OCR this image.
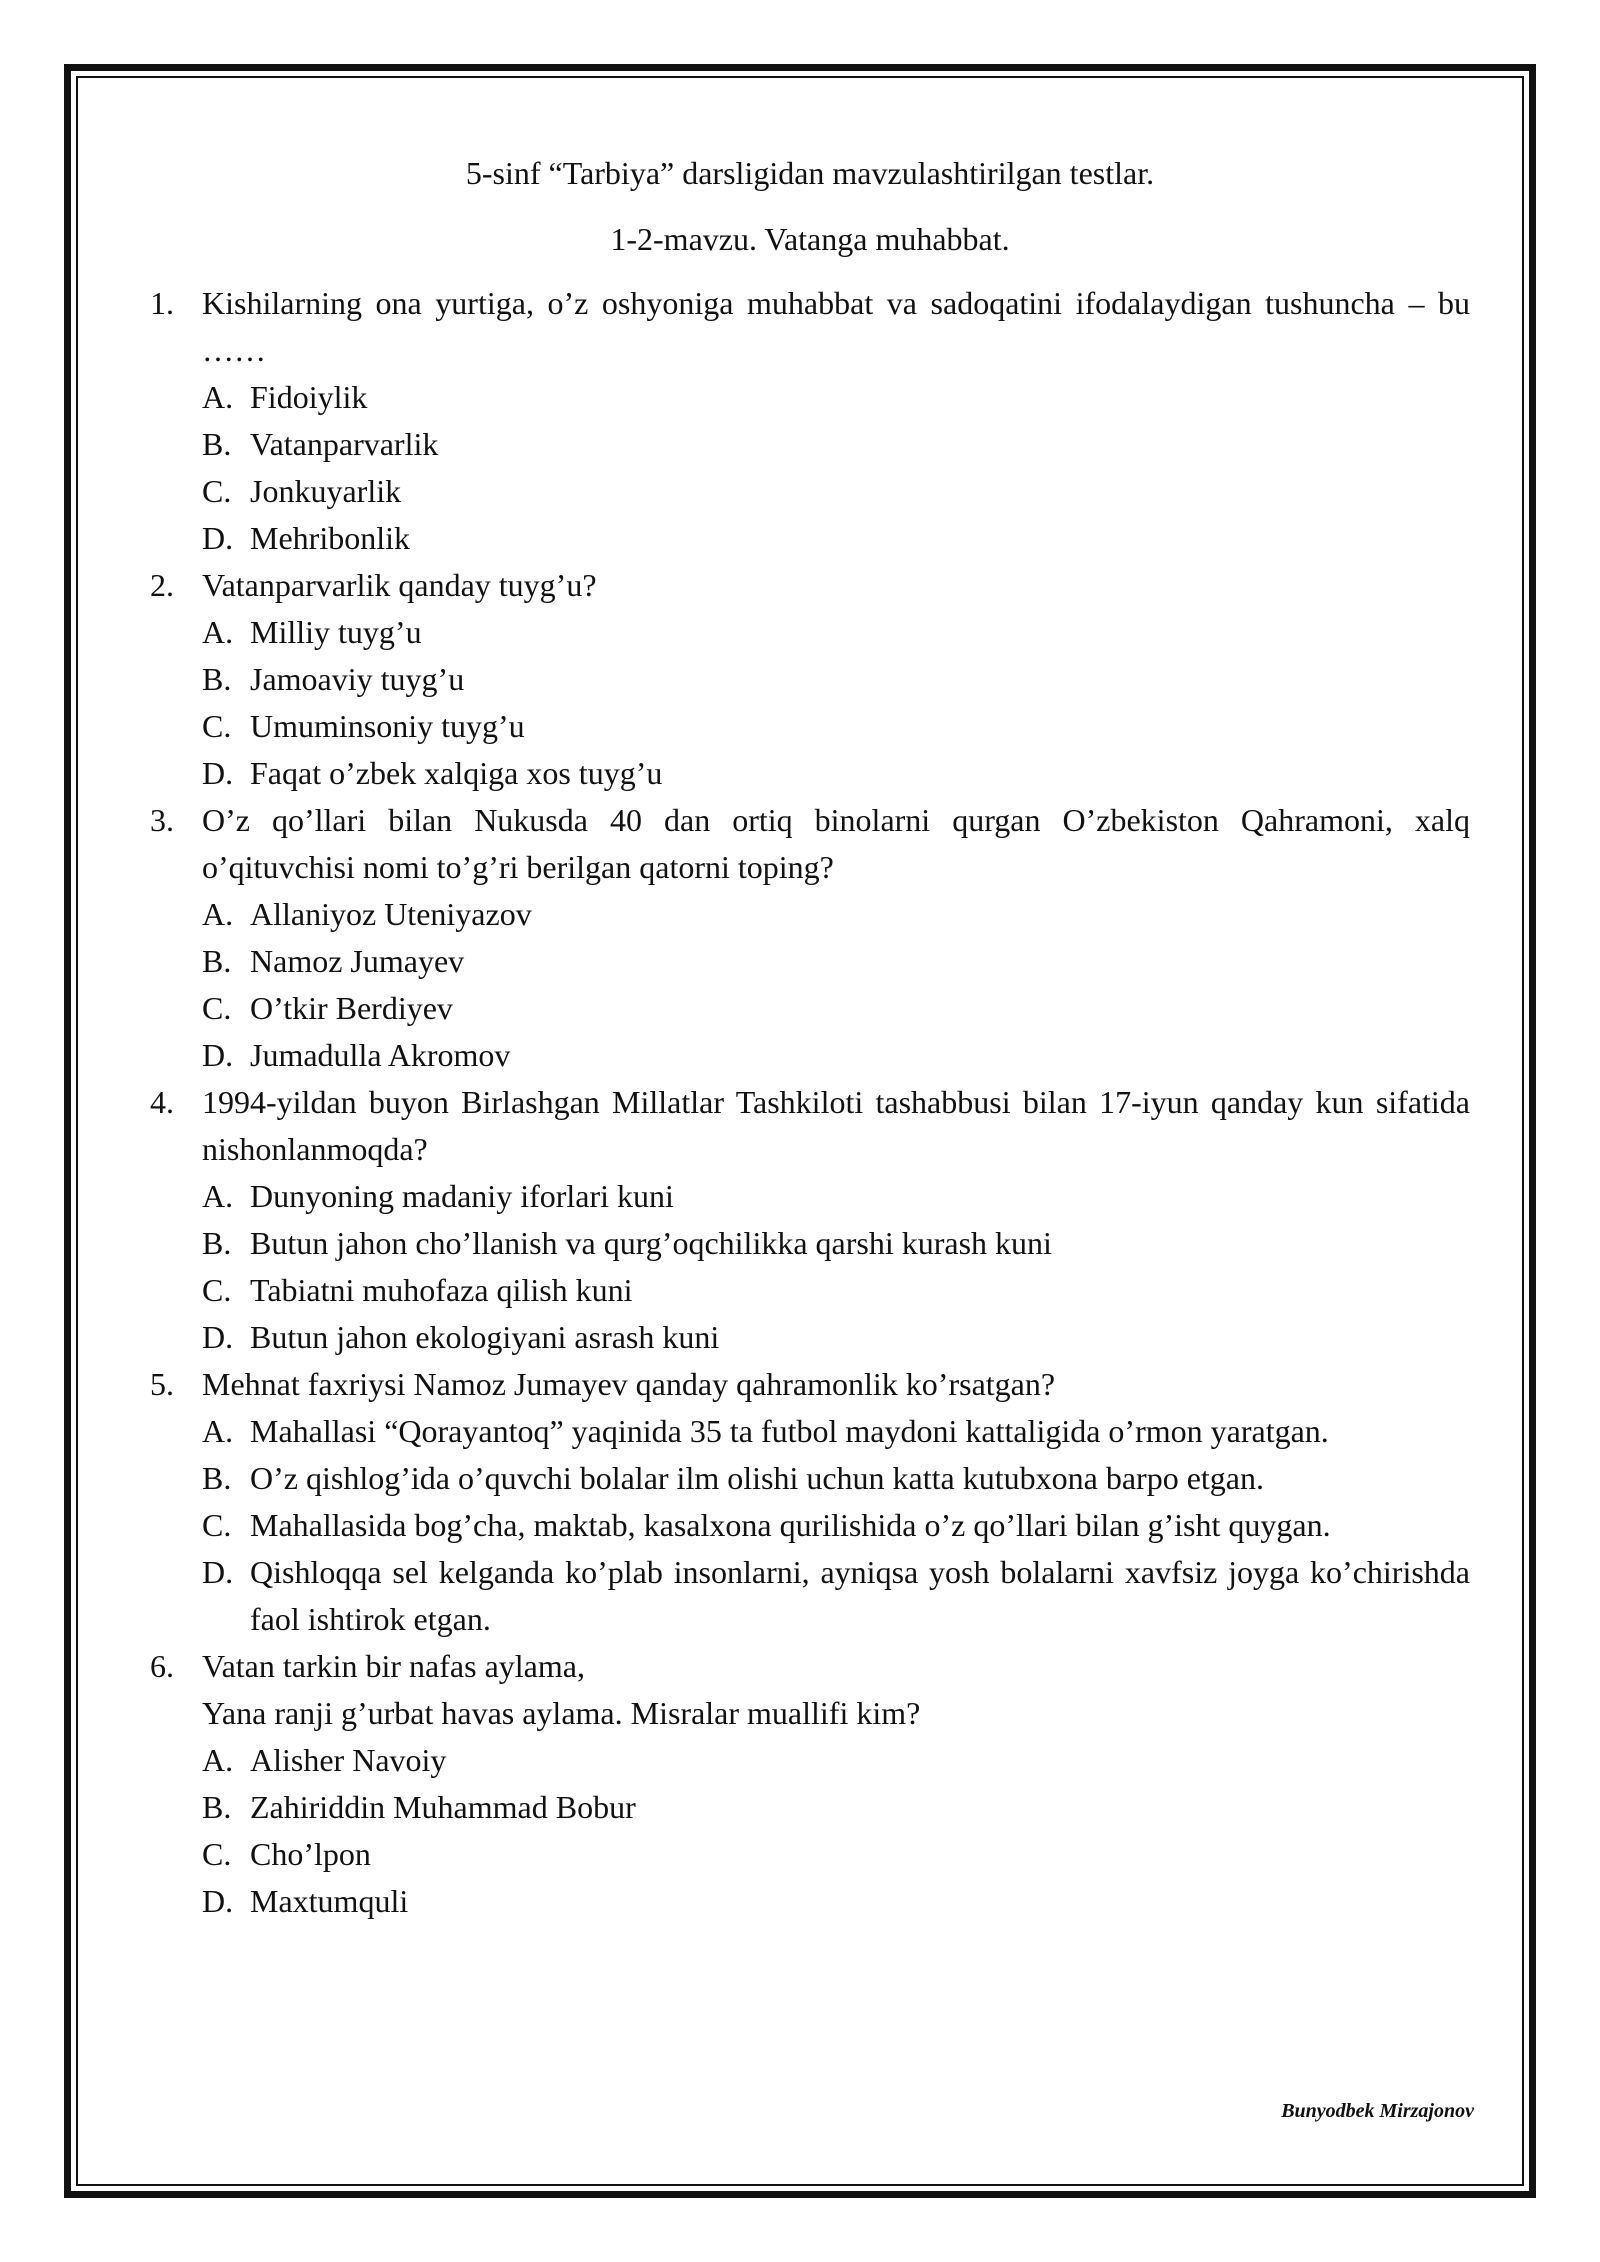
5-sinf “Tarbiya” darsligidan mavzulashtirilgan testlar.

1-2-mavzu. Vatanga muhabbat.

1. Kishilarning ona yurtiga, o’z oshyoniga muhabbat va sadoqatini ifodalaydigan tushuncha – bu ……
A. Fidoiylik
B. Vatanparvarlik
C. Jonkuyarlik
D. Mehribonlik
2. Vatanparvarlik qanday tuyg’u?
A. Milliy tuyg’u
B. Jamoaviy tuyg’u
C. Umuminsoniy tuyg’u
D. Faqat o’zbek xalqiga xos tuyg’u
3. O’z qo’llari bilan Nukusda 40 dan ortiq binolarni qurgan O’zbekiston Qahramoni, xalq o’qituvchisi nomi to’g’ri berilgan qatorni toping?
A. Allaniyoz Uteniyazov
B. Namoz Jumayev
C. O’tkir Berdiyev
D. Jumadulla Akromov
4. 1994-yildan buyon Birlashgan Millatlar Tashkiloti tashabbusi bilan 17-iyun qanday kun sifatida nishonlanmoqda?
A. Dunyoning madaniy iforlari kuni
B. Butun jahon cho’llanish va qurg’oqchilikka qarshi kurash kuni
C. Tabiatni muhofaza qilish kuni
D. Butun jahon ekologiyani asrash kuni
5. Mehnat faxriysi Namoz Jumayev qanday qahramonlik ko’rsatgan?
A. Mahallasi “Qorayantoq” yaqinida 35 ta futbol maydoni kattaligida o’rmon yaratgan.
B. O’z qishlog’ida o’quvchi bolalar ilm olishi uchun katta kutubxona barpo etgan.
C. Mahallasida bog’cha, maktab, kasalxona qurilishida o’z qo’llari bilan g’isht quygan.
D. Qishloqqa sel kelganda ko’plab insonlarni, ayniqsa yosh bolalarni xavfsiz joyga ko’chirishda faol ishtirok etgan.
6. Vatan tarkin bir nafas aylama,
Yana ranji g’urbat havas aylama. Misralar muallifi kim?
A. Alisher Navoiy
B. Zahiriddin Muhammad Bobur
C. Cho’lpon
D. Maxtumquli
Bunyodbek Mirzajonov
